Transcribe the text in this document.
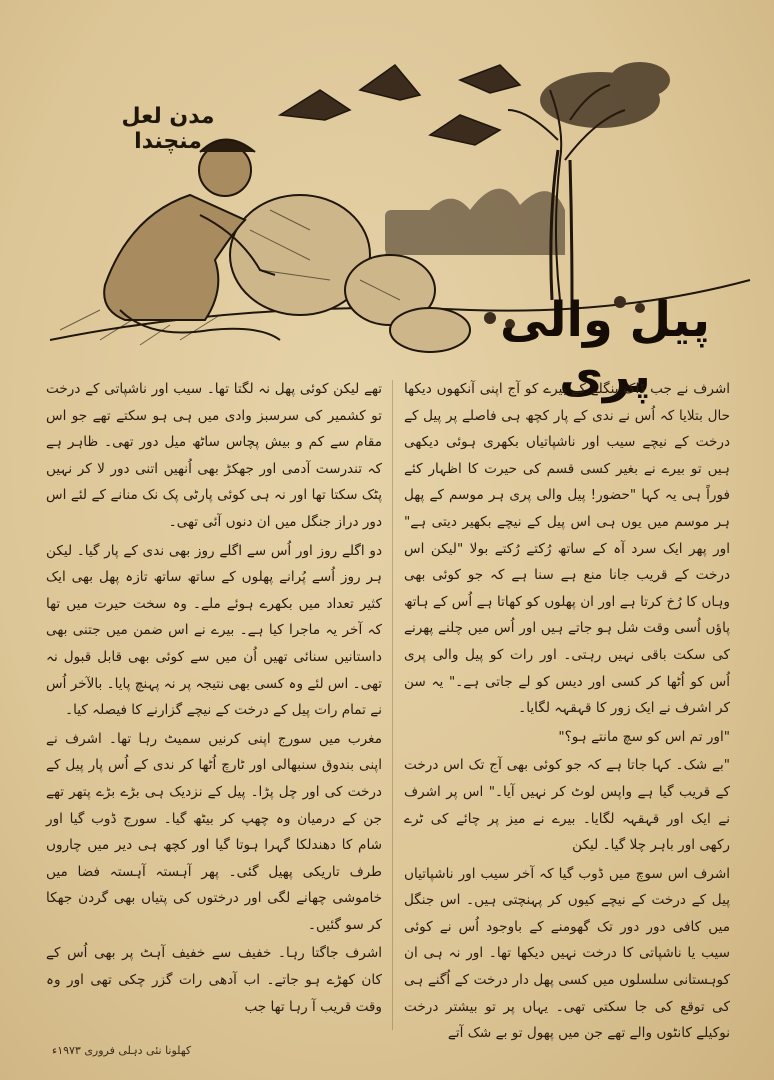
مدن لعل منچندا
پیل والی پری

اشرف نے جب ڈاک بنگلے کے بیرے کو آج اپنی آنکھوں دیکھا حال بتلایا کہ اُس نے ندی کے پار کچھ ہی فاصلے پر پیل کے درخت کے نیچے سیب اور ناشپاتیاں بکھری ہوئی دیکھی ہیں تو بیرے نے بغیر کسی قسم کی حیرت کا اظہار کئے فوراً ہی یہ کہا "حضور! پیل والی پری ہر موسم کے پھل ہر موسم میں یوں ہی اس پیل کے نیچے بکھیر دیتی ہے" اور پھر ایک سرد آہ کے ساتھ رُکتے رُکتے بولا "لیکن اس درخت کے قریب جانا منع ہے سنا ہے کہ جو کوئی بھی وہاں کا رُخ کرتا ہے اور ان پھلوں کو کھاتا ہے اُس کے ہاتھ پاؤں اُسی وقت شل ہو جاتے ہیں اور اُس میں چلنے پھرنے کی سکت باقی نہیں رہتی۔ اور رات کو پیل والی پری اُس کو اُٹھا کر کسی اور دیس کو لے جاتی ہے۔" یہ سن کر اشرف نے ایک زور کا قہقہہ لگایا۔

"اور تم اس کو سچ مانتے ہو؟"

"بے شک۔ کہا جاتا ہے کہ جو کوئی بھی آج تک اس درخت کے قریب گیا ہے واپس لوٹ کر نہیں آیا۔" اس پر اشرف نے ایک اور قہقہہ لگایا۔ بیرے نے میز پر چائے کی ٹرے رکھی اور باہر چلا گیا۔ لیکن

اشرف اس سوچ میں ڈوب گیا کہ آخر سیب اور ناشپاتیاں پیل کے درخت کے نیچے کیوں کر پہنچتی ہیں۔ اس جنگل میں کافی دور دور تک گھومنے کے باوجود اُس نے کوئی سیب یا ناشپاتی کا درخت نہیں دیکھا تھا۔ اور نہ ہی ان کوہستانی سلسلوں میں کسی پھل دار درخت کے اُگنے ہی کی توقع کی جا سکتی تھی۔ یہاں پر تو بیشتر درخت نوکیلے کانٹوں والے تھے جن میں پھول تو بے شک آتے

تھے لیکن کوئی پھل نہ لگتا تھا۔ سیب اور ناشپاتی کے درخت تو کشمیر کی سرسبز وادی میں ہی ہو سکتے تھے جو اس مقام سے کم و بیش پچاس ساٹھ میل دور تھی۔ ظاہر ہے کہ تندرست آدمی اور جھکڑ بھی اُنھیں اتنی دور لا کر نہیں پٹک سکتا تھا اور نہ ہی کوئی پارٹی پک نک منانے کے لئے اس دور دراز جنگل میں ان دنوں آئی تھی۔

دو اگلے روز اور اُس سے اگلے روز بھی ندی کے پار گیا۔ لیکن ہر روز اُسے پُرانے پھلوں کے ساتھ ساتھ تازہ پھل بھی ایک کثیر تعداد میں بکھرے ہوئے ملے۔ وہ سخت حیرت میں تھا کہ آخر یہ ماجرا کیا ہے۔ بیرے نے اس ضمن میں جتنی بھی داستانیں سنائی تھیں اُن میں سے کوئی بھی قابل قبول نہ تھی۔ اس لئے وہ کسی بھی نتیجہ پر نہ پہنچ پایا۔ بالآخر اُس نے تمام رات پیل کے درخت کے نیچے گزارنے کا فیصلہ کیا۔

مغرب میں سورج اپنی کرنیں سمیٹ رہا تھا۔ اشرف نے اپنی بندوق سنبھالی اور ٹارچ اُٹھا کر ندی کے اُس پار پیل کے درخت کی اور چل پڑا۔ پیل کے نزدیک ہی بڑے بڑے پتھر تھے جن کے درمیان وہ چھپ کر بیٹھ گیا۔ سورج ڈوب گیا اور شام کا دھندلکا گہرا ہوتا گیا اور کچھ ہی دیر میں چاروں طرف تاریکی پھیل گئی۔ پھر آہستہ آہستہ فضا میں خاموشی چھانے لگی اور درختوں کی پتیاں بھی گردن جھکا کر سو گئیں۔

اشرف جاگتا رہا۔ خفیف سے خفیف آہٹ پر بھی اُس کے کان کھڑے ہو جاتے۔ اب آدھی رات گزر چکی تھی اور وہ وقت قریب آ رہا تھا جب

کھلونا نئی دہلی فروری ۱۹۷۳ء
